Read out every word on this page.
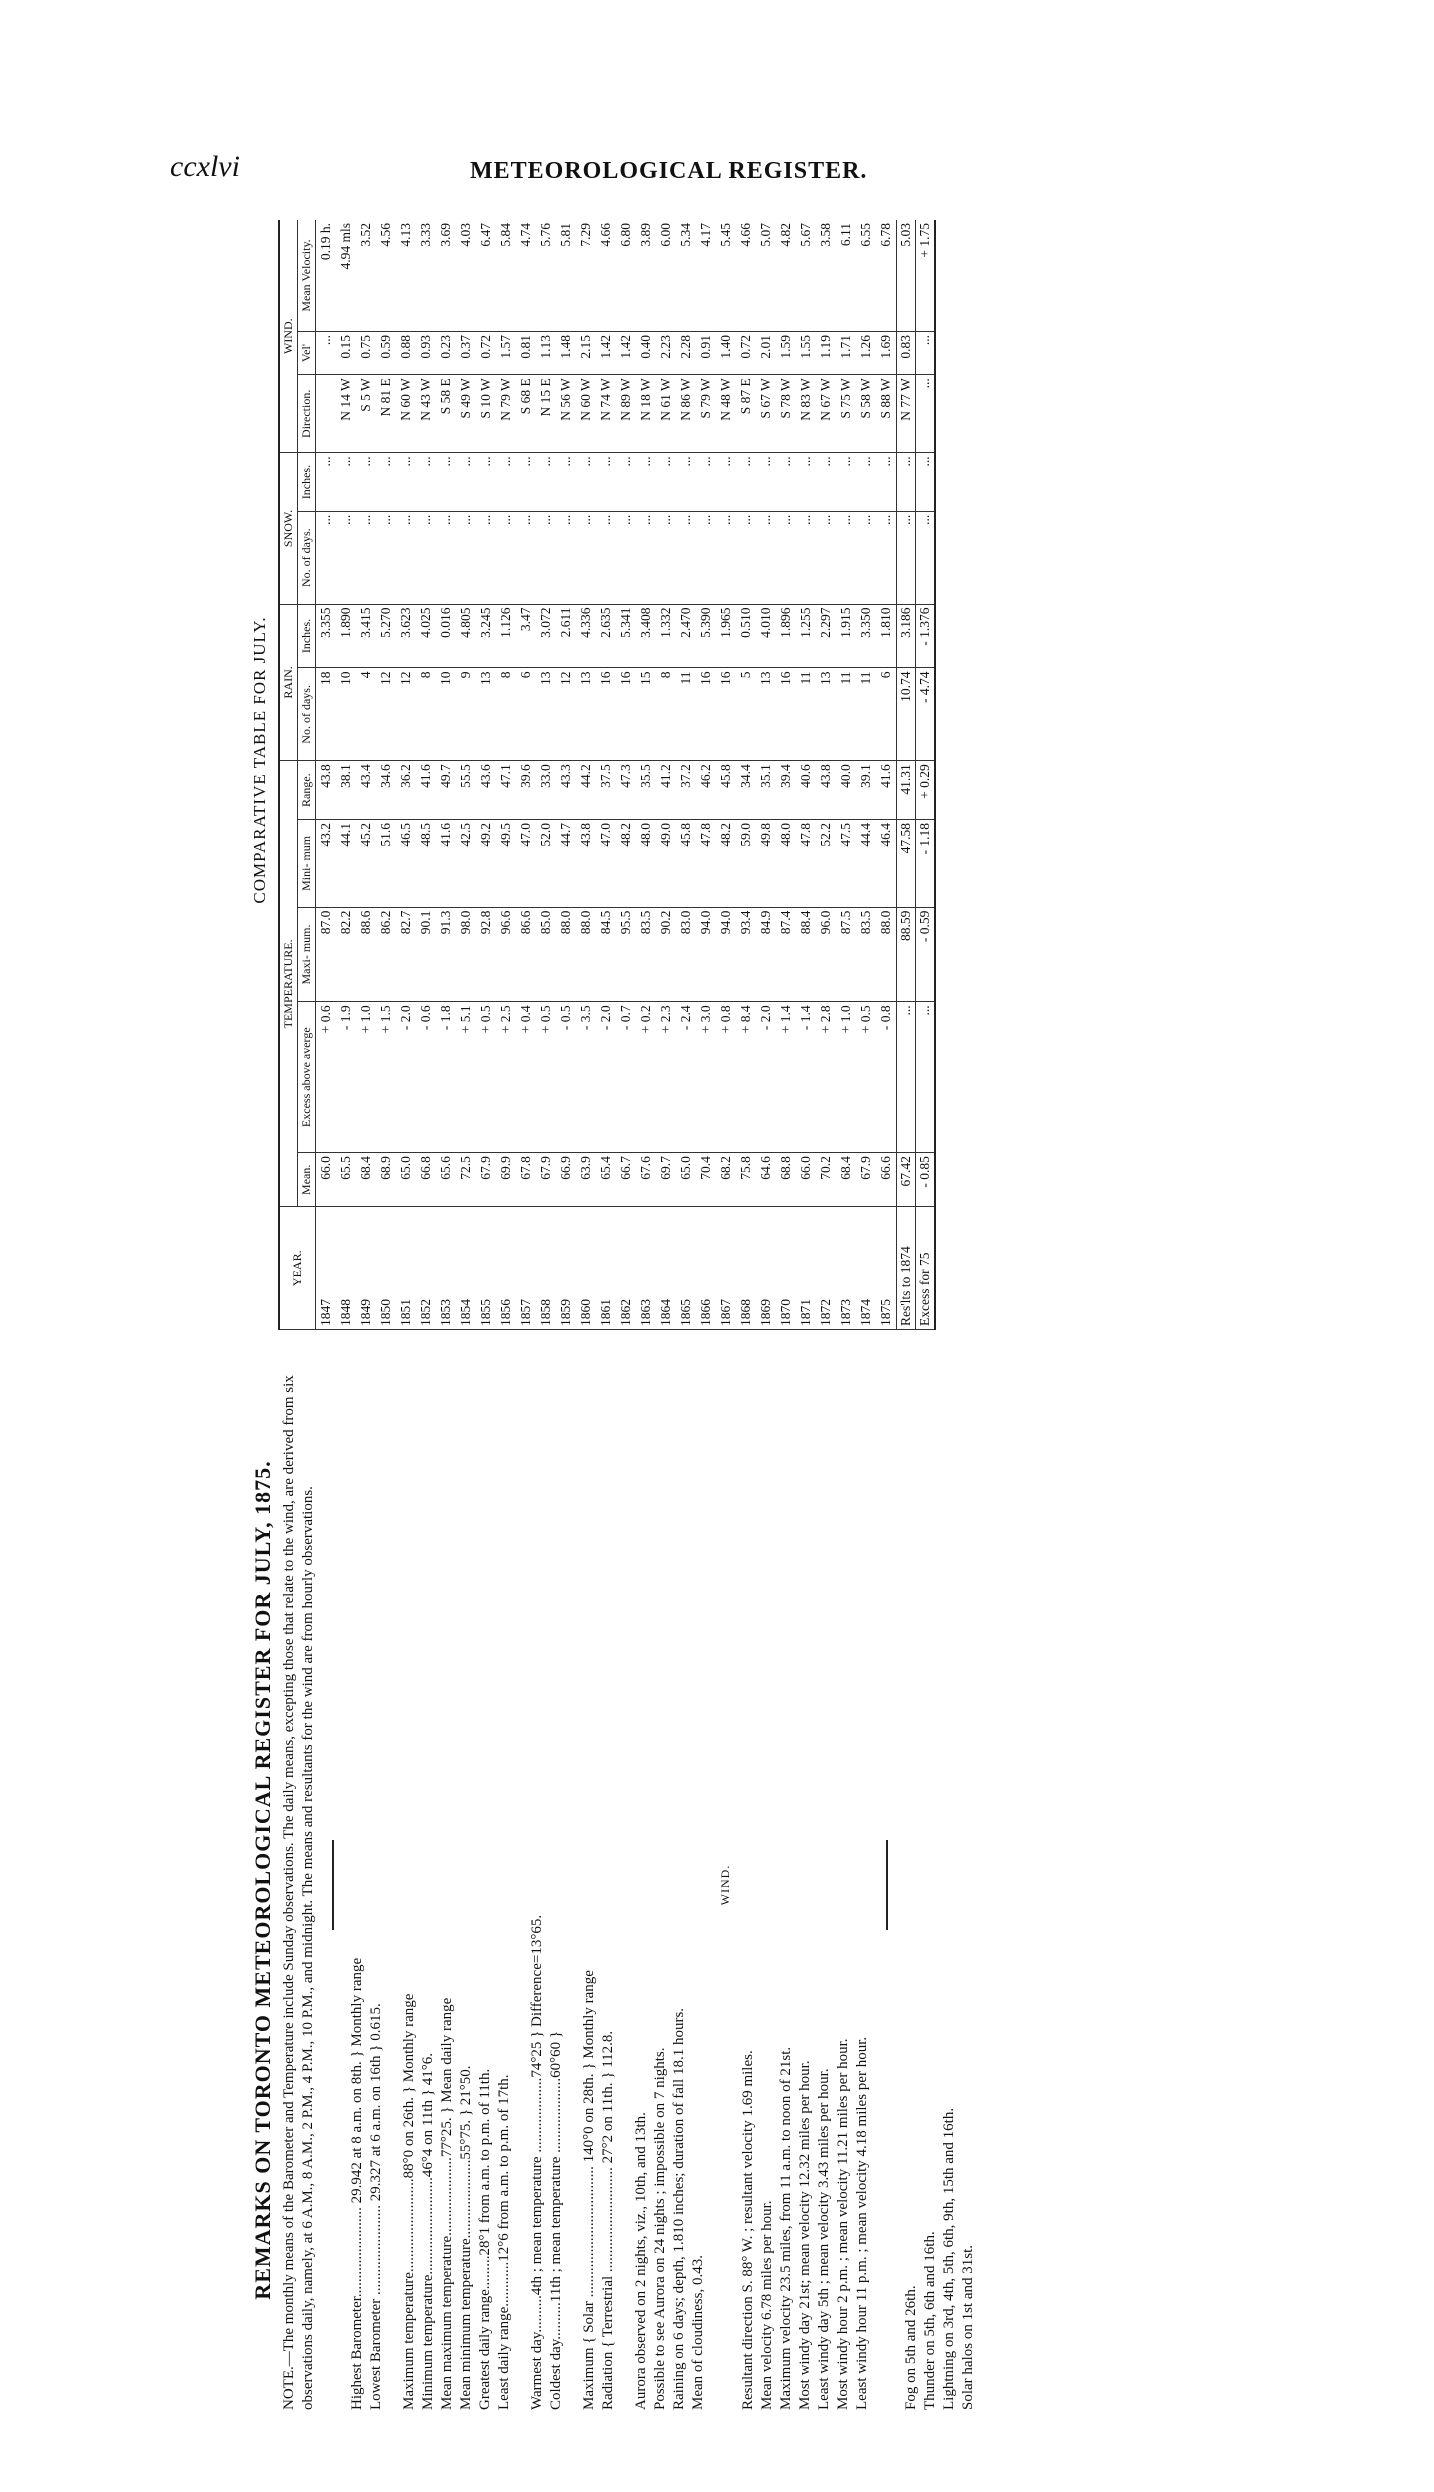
ccxlvi	METEOROLOGICAL REGISTER.
REMARKS ON TORONTO METEOROLOGICAL REGISTER FOR JULY, 1875. NOTE.—The monthly means of the Barometer and Temperature include Sunday observations. The daily means, excepting those that relate to the wind, are derived from six observations daily, namely, at 6 A.M., 8 A.M., 2 P.M., 4 P.M., 10 P.M., and midnight. The means and resultants for the wind are from hourly observations. Highest Barometer........................ 29.942 at 8 a.m. on 8th. } Monthly range Lowest Barometer ........................ 29.327 at 6 a.m. on 16th } 0.615. Maximum temperature.........................88°0 on 26th. } Monthly range Minimum temperature..........................46°4 on 11th } 41°6. Mean maximum temperature.....................77°25. } Mean daily range Mean minimum temperature.....................55°75. } 21°50. Greatest daily range.........28°1 from a.m. to p.m. of 11th. Least daily range............12°6 from a.m. to p.m. of 17th. Warmest day..........4th ; mean temperature ....................74°25 } Difference=13°65. Coldest day..........11th ; mean temperature ....................60°60 } Maximum { Solar ................................... 140°0 on 28th. } Monthly range Radiation { Terrestrial ............................ 27°2 on 11th. } 112.8. Aurora observed on 2 nights, viz., 10th, and 13th. Possible to see Aurora on 24 nights ; impossible on 7 nights. Raining on 6 days; depth, 1.810 inches; duration of fall 18.1 hours. Mean of cloudiness, 0.43.
WIND.
Resultant direction S. 88° W. ; resultant velocity 1.69 miles. Mean velocity 6.78 miles per hour. Maximum velocity 23.5 miles, from 11 a.m. to noon of 21st. Most windy day 21st; mean velocity 12.32 miles per hour. Least windy day 5th ; mean velocity 3.43 miles per hour. Most windy hour 2 p.m. ; mean velocity 11.21 miles per hour. Least windy hour 11 p.m. ; mean velocity 4.18 miles per hour. Fog on 5th and 26th. Thunder on 5th, 6th and 16th. Lightning on 3rd, 4th, 5th, 6th, 9th, 15th and 16th. Solar halos on 1st and 31st.
COMPARATIVE TABLE FOR JULY.
YEAR.	TEMPERATURE.					RAIN.		SNOW.		WIND.		
	Mean.	Excess above averge	Maxi- mum.	Mini- mum	Range.	No. of days.	Inches.	No. of days.	Inches.	Direction.	Vel'	Mean Velocity.
1847	66.0	+ 0.6	87.0	43.2	43.8	18	3.355	...	...		...	0.19 h.
1848	65.5	- 1.9	82.2	44.1	38.1	10	1.890	...	...	N 14 W	0.15	4.94 mls
1849	68.4	+ 1.0	88.6	45.2	43.4	4	3.415	...	...	S 5 W	0.75	3.52
1850	68.9	+ 1.5	86.2	51.6	34.6	12	5.270	...	...	N 81 E	0.59	4.56
1851	65.0	- 2.0	82.7	46.5	36.2	12	3.623	...	...	N 60 W	0.88	4.13
1852	66.8	- 0.6	90.1	48.5	41.6	8	4.025	...	...	N 43 W	0.93	3.33
1853	65.6	- 1.8	91.3	41.6	49.7	10	0.016	...	...	S 58 E	0.23	3.69
1854	72.5	+ 5.1	98.0	42.5	55.5	9	4.805	...	...	S 49 W	0.37	4.03
1855	67.9	+ 0.5	92.8	49.2	43.6	13	3.245	...	...	S 10 W	0.72	6.47
1856	69.9	+ 2.5	96.6	49.5	47.1	8	1.126	...	...	N 79 W	1.57	5.84
1857	67.8	+ 0.4	86.6	47.0	39.6	6	3.47	...	...	S 68 E	0.81	4.74
1858	67.9	+ 0.5	85.0	52.0	33.0	13	3.072	...	...	N 15 E	1.13	5.76
1859	66.9	- 0.5	88.0	44.7	43.3	12	2.611	...	...	N 56 W	1.48	5.81
1860	63.9	- 3.5	88.0	43.8	44.2	13	4.336	...	...	N 60 W	2.15	7.29
1861	65.4	- 2.0	84.5	47.0	37.5	16	2.635	...	...	N 74 W	1.42	4.66
1862	66.7	- 0.7	95.5	48.2	47.3	16	5.341	...	...	N 89 W	1.42	6.80
1863	67.6	+ 0.2	83.5	48.0	35.5	15	3.408	...	...	N 18 W	0.40	3.89
1864	69.7	+ 2.3	90.2	49.0	41.2	8	1.332	...	...	N 61 W	2.23	6.00
1865	65.0	- 2.4	83.0	45.8	37.2	11	2.470	...	...	N 86 W	2.28	5.34
1866	70.4	+ 3.0	94.0	47.8	46.2	16	5.390	...	...	S 79 W	0.91	4.17
1867	68.2	+ 0.8	94.0	48.2	45.8	16	1.965	...	...	N 48 W	1.40	5.45
1868	75.8	+ 8.4	93.4	59.0	34.4	5	0.510	...	...	S 87 E	0.72	4.66
1869	64.6	- 2.0	84.9	49.8	35.1	13	4.010	...	...	S 67 W	2.01	5.07
1870	68.8	+ 1.4	87.4	48.0	39.4	16	1.896	...	...	S 78 W	1.59	4.82
1871	66.0	- 1.4	88.4	47.8	40.6	11	1.255	...	...	N 83 W	1.55	5.67
1872	70.2	+ 2.8	96.0	52.2	43.8	13	2.297	...	...	N 67 W	1.19	3.58
1873	68.4	+ 1.0	87.5	47.5	40.0	11	1.915	...	...	S 75 W	1.71	6.11
1874	67.9	+ 0.5	83.5	44.4	39.1	11	3.350	...	...	S 58 W	1.26	6.55
1875	66.6	- 0.8	88.0	46.4	41.6	6	1.810	...	...	S 88 W	1.69	6.78
Res'lts to 1874	67.42	...	88.59	47.58	41.31	10.74	3.186	...	...	N 77 W	0.83	5.03
Excess for 75	- 0.85	...	- 0.59	- 1.18	+ 0.29	- 4.74	- 1.376	...	...	...	...	+ 1.75
